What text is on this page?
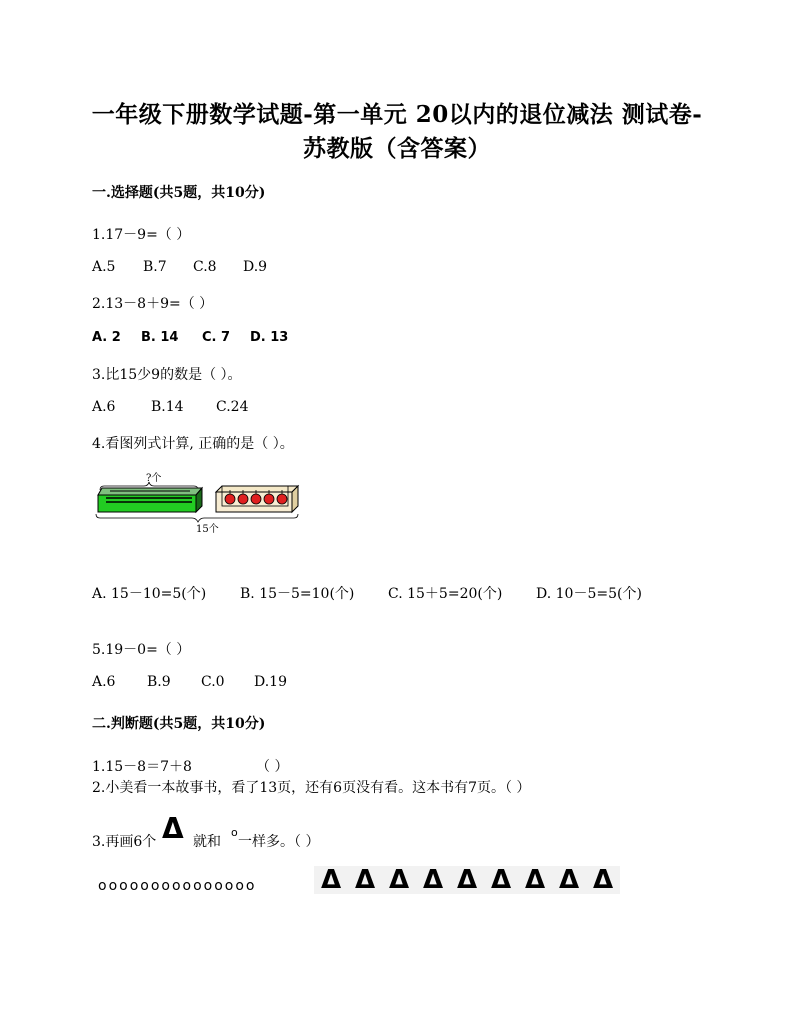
一年级下册数学试题-第一单元 20以内的退位减法 测试卷-
苏教版（含答案）
一.选择题(共5题，共10分)
1.17－9=（ ）
A.5 B.7 C.8 D.9
2.13－8＋9=（ ）
A. 2 B. 14 C. 7 D. 13
3.比15少9的数是（ ）。
A.6	B.14 C.24
4.看图列式计算, 正确的是（ ）。
?个
15个
A. 15－10=5(个) B. 15－5=10(个) C. 15＋5=20(个) D. 10－5=5(个)
5.19－0=（ ）
A.6 B.9 C.0 D.19
二.判断题(共5题，共10分)
1.15－8＝7＋8	（ ）
2.小美看一本故事书，看了13页，还有6页没有看。这本书有7页。（ ）
3.再画6个 Δ 就和
o
一样多。（ ）
ooooooooooooooo Δ Δ Δ Δ Δ Δ Δ Δ Δ
